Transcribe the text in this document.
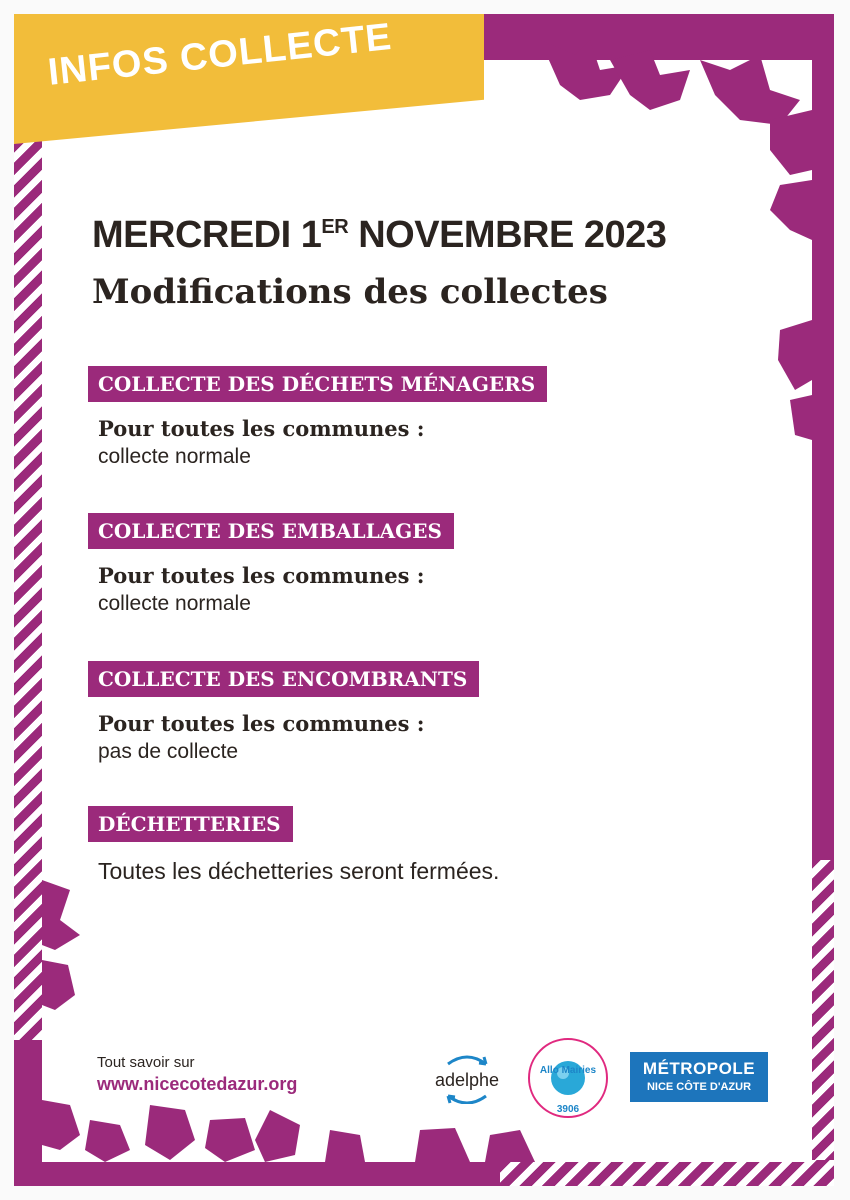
INFOS COLLECTE
MERCREDI 1ER NOVEMBRE 2023
Modifications des collectes
COLLECTE DES DÉCHETS MÉNAGERS
Pour toutes les communes :
collecte normale
COLLECTE DES EMBALLAGES
Pour toutes les communes :
collecte normale
COLLECTE DES ENCOMBRANTS
Pour toutes les communes :
pas de collecte
DÉCHETTERIES
Toutes les déchetteries seront fermées.
Tout savoir sur
www.nicecotedazur.org	adelphe	Allo Mairies

3906
MÉTROPOLE
NICE CÔTE D'AZUR
